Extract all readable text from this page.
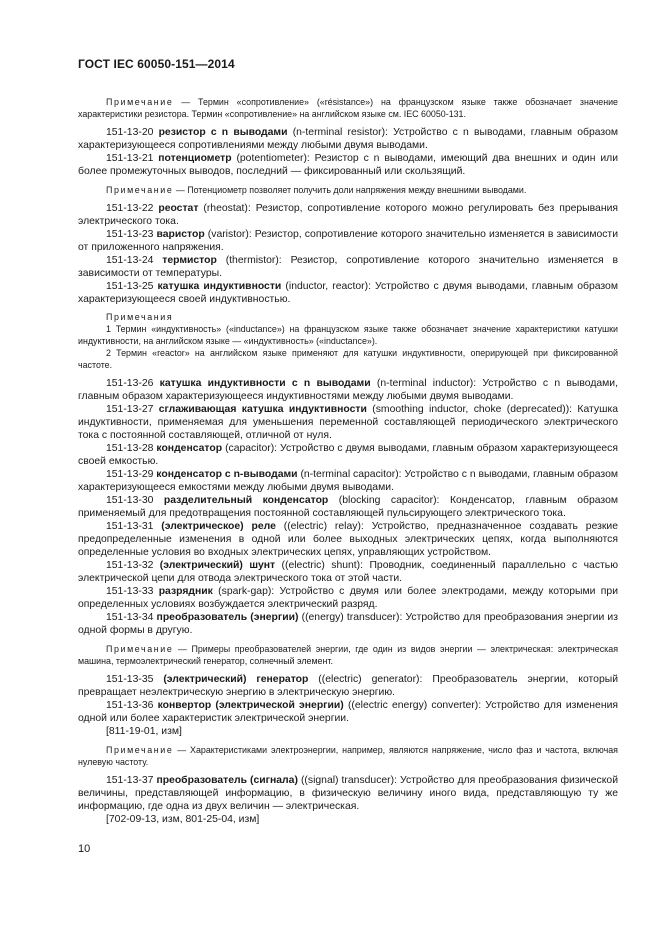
ГОСТ IEC 60050-151—2014

Примечание — Термин «сопротивление» («résistance») на французском языке также обозначает значение характеристики резистора. Термин «сопротивление» на английском языке см. IEC 60050-131.

151-13-20 резистор с n выводами (n-terminal resistor): Устройство с n выводами, главным образом характеризующееся сопротивлениями между любыми двумя выводами.

151-13-21 потенциометр (potentiometer): Резистор с n выводами, имеющий два внешних и один или более промежуточных выводов, последний — фиксированный или скользящий.

Примечание — Потенциометр позволяет получить доли напряжения между внешними выводами.

151-13-22 реостат (rheostat): Резистор, сопротивление которого можно регулировать без прерывания электрического тока.

151-13-23 варистор (varistor): Резистор, сопротивление которого значительно изменяется в зависимости от приложенного напряжения.

151-13-24 термистор (thermistor): Резистор, сопротивление которого значительно изменяется в зависимости от температуры.

151-13-25 катушка индуктивности (inductor, reactor): Устройство с двумя выводами, главным образом характеризующееся своей индуктивностью.

Примечания

1 Термин «индуктивность» («inductance») на французском языке также обозначает значение характеристики катушки индуктивности, на английском языке — «индуктивность» («inductance»).

2 Термин «reactor» на английском языке применяют для катушки индуктивности, оперирующей при фиксированной частоте.

151-13-26 катушка индуктивности с n выводами (n-terminal inductor): Устройство с n выводами, главным образом характеризующееся индуктивностями между любыми двумя выводами.

151-13-27 сглаживающая катушка индуктивности (smoothing inductor, choke (deprecated)): Катушка индуктивности, применяемая для уменьшения переменной составляющей периодического электрического тока с постоянной составляющей, отличной от нуля.

151-13-28 конденсатор (capacitor): Устройство с двумя выводами, главным образом характеризующееся своей емкостью.

151-13-29 конденсатор с n-выводами (n-terminal capacitor): Устройство с n выводами, главным образом характеризующееся емкостями между любыми двумя выводами.

151-13-30 разделительный конденсатор (blocking capacitor): Конденсатор, главным образом применяемый для предотвращения постоянной составляющей пульсирующего электрического тока.

151-13-31 (электрическое) реле ((electric) relay): Устройство, предназначенное создавать резкие предопределенные изменения в одной или более выходных электрических цепях, когда выполняются определенные условия во входных электрических цепях, управляющих устройством.

151-13-32 (электрический) шунт ((electric) shunt): Проводник, соединенный параллельно с частью электрической цепи для отвода электрического тока от этой части.

151-13-33 разрядник (spark-gap): Устройство с двумя или более электродами, между которыми при определенных условиях возбуждается электрический разряд.

151-13-34 преобразователь (энергии) ((energy) transducer): Устройство для преобразования энергии из одной формы в другую.

Примечание — Примеры преобразователей энергии, где один из видов энергии — электрическая: электрическая машина, термоэлектрический генератор, солнечный элемент.

151-13-35 (электрический) генератор ((electric) generator): Преобразователь энергии, который превращает неэлектрическую энергию в электрическую энергию.

151-13-36 конвертор (электрической энергии) ((electric energy) converter): Устройство для изменения одной или более характеристик электрической энергии.

[811-19-01, изм]

Примечание — Характеристиками электроэнергии, например, являются напряжение, число фаз и частота, включая нулевую частоту.

151-13-37 преобразователь (сигнала) ((signal) transducer): Устройство для преобразования физической величины, представляющей информацию, в физическую величину иного вида, представляющую ту же информацию, где одна из двух величин — электрическая.

[702-09-13, изм, 801-25-04, изм]

10
